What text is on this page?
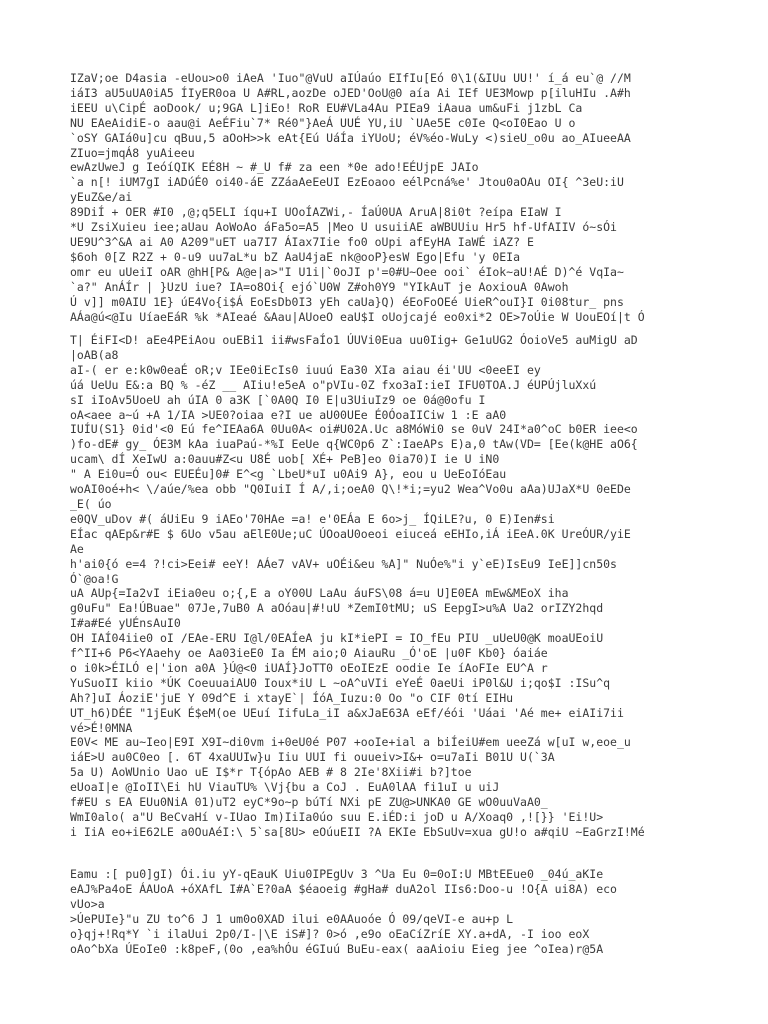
IZaV;oe D4asia -eUou>o0 iAeA 'Iuo"@VuU aIÚaúo EIfIu[Eó 0\1(&IUu UU!' í_á eu`@ //M
iáI3 aU5uUA0iA5 ÍIyER0oa U A#RL,aozDe oJED'OoU@0 aía Ai IEf UE3Mowp p[iluHIu .A#h
iEEU u\CipÉ aoDook/ u;9GA L]iEo! RoR EU#VLa4Au PIEa9 iAaua um&uFi j1zbL Ca
NU EAeAidiE-o aau@i AeÉFiu`7* Ré0"}AeÁ UUÉ YU,iU `UAe5E c0Ie Q<oI0Eao U o
`oSY GAIá0u]cu qBuu,5 aOoH>>k eAt{Eú UáÍa iYUoU; éV%éo-WuLy <)sieU_o0u ao_AIueeAA
ZIuo=jmqÁ8 yuAieeu
ewAzUweJ g IeóíQIK EÉ8H ~ #_U f# za een *0e ado!EÉUjpE JAIo
`a n[! iUM7gI iADúÉ0 oi40-áE ZZáaAeEeUI EzEoaoo eélPcná%e' Jtou0aOAu OI{ ^3eU:iU
yEuZ&e/ai
89DiÍ + OER #I0 ,@;q5ELI íqu+I UOoÍAZWi,- ÍaÚ0UA AruA|8i0t ?eípa EIaW I
*U ZsiXuieu iee;aUau AoWoAo áFa5o=A5 |Meo U usuiiAE aWBUUiu Hr5 hf-UfAIIV ó~sÓi
UE9U^3^&A ai A0 A209"uET ua7I7 ÁIax7Iie fo0 oUpi afEyHA IaWÉ iAZ? E
$6oh 0[Z R2Z + 0-u9 uu7aL*u bZ AaU4jaE nk@ooP}esW Ego|Efu 'y 0EIa
omr eu uUeiI oAR @hH[P& A@e|a>"I U1i|`0oJI p'=0#U~Oee ooi` éIok~aU!AÉ D)^é VqIa~
`a?" AnÁÍr | }UzU iue? IA=o8Oi{ ejó`U0W Z#oh0Y9 "YIkAuT je AoxiouA 0Awoh
Ú v]] m0AIU 1E} úE4Vo{i$Á EoEsDb0I3 yEh caUa}Q) éEoFoOEé UieR^ouI}I 0i08tur_ pns
AÁa@ú<@Iu UíaeEáR %k *AIeaé &Aau|AUoeO eaU$I oUojcajé eo0xi*2 OE>7oÚie W UouEOí|t Ó
T| ÉiFI<D! aEe4PEiAou ouEBi1 ii#wsFaÍo1 ÚUVi0Eua uu0Iig+ Ge1uUG2 ÓoioVe5 auMigU aD
|oAB(a8
aI-( er e:k0w0eaÉ oR;v IEe0iEcIs0 iuuú Ea30 XIa aiau éi'UU <0eeEI ey
úá UeUu E&:a BQ % -éZ __ AIiu!e5eA o"pVIu-0Z fxo3aI:ieI IFU0TOA.J éUPÚjluXxú
sI iIoAv5UoeU ah úIA 0 a3K [`0A0Q I0 E|u3UiuIz9 oe 0á@0ofu I
oA<aee a~ú +A 1/IA >UE0?oiaa e?I ue aU00UEe É0ÓoaIICiw 1 :E aA0
IUÍU(S1} 0id'<0 Eú fe^IEAa6A 0Uu0A< oi#U02A.Uc a8MóWi0 se 0uV 24I*a0^oC b0ER iee<o
)fo-dE# gy_ ÓE3M kAa iuaPaú-*%I EeUe q{WC0p6 Z`:IaeAPs E)a,0 tAw(VD= [Ee(k@HE aO6{
ucam\ dÍ XeIwU a:0auu#Z<u U8É uob[ XÉ+ PeB]eo 0ia70)I ie U iN0
" A Ei0u=Ó ou< EUEÉu]0# E^<g `LbeU*uI u0Ai9 A}, eou u UeEoIóEau
woAI0oé+h< \/aúe/%ea obb "Q0IuiI Í A/,i;oeA0 Q\!*i;=yu2 Wea^Vo0u aAa)UJaX*U 0eEDe
_E( úo
e0QV_uDov #( áUiEu 9 iAEo'70HAe =a! e'0EÁa E 6o>j_ ÍQiLE?u, 0 E)Ien#si
EÍac qAEp&r#E $ 6Uo v5au aElE0Ue;uC ÚOoaU0oeoi eiuceá eEHIo,iÁ iEeA.0K UreÓUR/yiE
Ae
h'ai0{ó e=4 ?!ci>Eei# eeY! AÁe7 vAV+ uOÉi&eu %A]" NuÓe%"i y`eE)IsEu9 IeE]]cn50s
Ó`@oa!G
uA AUp{=Ia2vI iEia0eu o;{,E a oY00U LaAu áuFS\08 á=u U]E0EA mEw&MEoX iha
g0uFu" Ea!ÚBuae" 07Je,7uB0 A aOóau|#!uU *ZemI0tMU; uS EepgI>u%A Ua2 orIZY2hqd
I#a#Eé yUÉnsAuI0
OH IAÍ04iie0 oI /EAe-ERU I@l/0EAÍeA ju kI*iePI = IO_fEu PIU _uUeU0@K moaUEoiU
f^II+6 P6<YAaehy oe Aa03ieE0 Ia ÉM aio;0 AiauRu _Ó'oE |u0F Kb0} óaiáe
o i0k>ÉILÓ e|'ion a0A }Ú@<0 iUAÍ}JoTT0 oEoIEzE oodie Ie íAoFIe EU^A r
YuSuoII kiio *ÚK CoeuuaiAU0 Ioux*iU L ~oA^uVIi eYeÉ 0aeUi iP0l&U i;qo$I :ISu^q
Ah?]uI ÁoziE'juE Y 09d^E i xtayE`| ÍóA_Iuzu:0 Oo "o CIF 0tí EIHu
UT_h6)DÉE "1jEuK É$eM(oe UEuí IifuLa_iI a&xJaE63A eEf/éói 'Uáai 'Aé me+ eiAIi7ii
vé>É!0MNA
E0V< ME au~Ieo|E9I X9I~di0vm i+0eU0é P07 +ooIe+ial a biÍeiU#em ueeZá w[uI w,eoe_u
iáE>U au0C0eo [. 6T 4xaUUIw}u Iiu UUI fi ouueiv>I&+ o=u7aIi B01U U(`3A
5a U) AoWUnio Uao uE I$*r T{ópAo AEB # 8 2Ie'8Xii#i b?]toe
eUoaI|e @IoII\Ei hU ViauTU% \Vj{bu a CoJ . EuA0lAA fi1uI u uiJ
f#EU s EA EUu0NiA 01)uT2 eyC*9o~p búTí NXi pE ZU@>UNKA0 GE wO0uuVaA0_
WmI0alo( a"U BeCvaHí v-IUao Im)IiIa0úo suu E.iÉD:i joD u A/Xoaq0 ,![}} 'Ei!U>
i IiA eo+iE62LE a0OuAéI:\ 5`sa[8U> eOúuEII ?A EKIe EbSuUv=xua gU!o a#qiU ~EaGrzI!Mé
Eamu :[ pu0]gI) Ói.iu yY-qEauK Uiu0IPEgUv 3 ^Ua Eu 0=0oI:U MBtEEue0 _04ú_aKIe
eAJ%Pa4oE ÁAUoA +óXAfL I#A`E?0aA $éaoeig #gHa# duA2ol IIs6:Doo-u !O{A ui8A) eco
vUo>a
>ÚePUIe}"u ZU to^6 J 1 um0o0XAD ilui e0AAuoóe Ó 09/qeVI-e au+p L
o}qj+!Rq*Y `i ilaUui 2p0/I-|\E iS#]? 0>ó ,e9o oEaCíZríE XY.a+dA, -I ioo eoX
oAo^bXa ÚEoIe0 :k8peF,(0o ,ea%hÓu éGIuú BuEu-eax( aaAioiu Eieg jee ^oIea)r@5A
